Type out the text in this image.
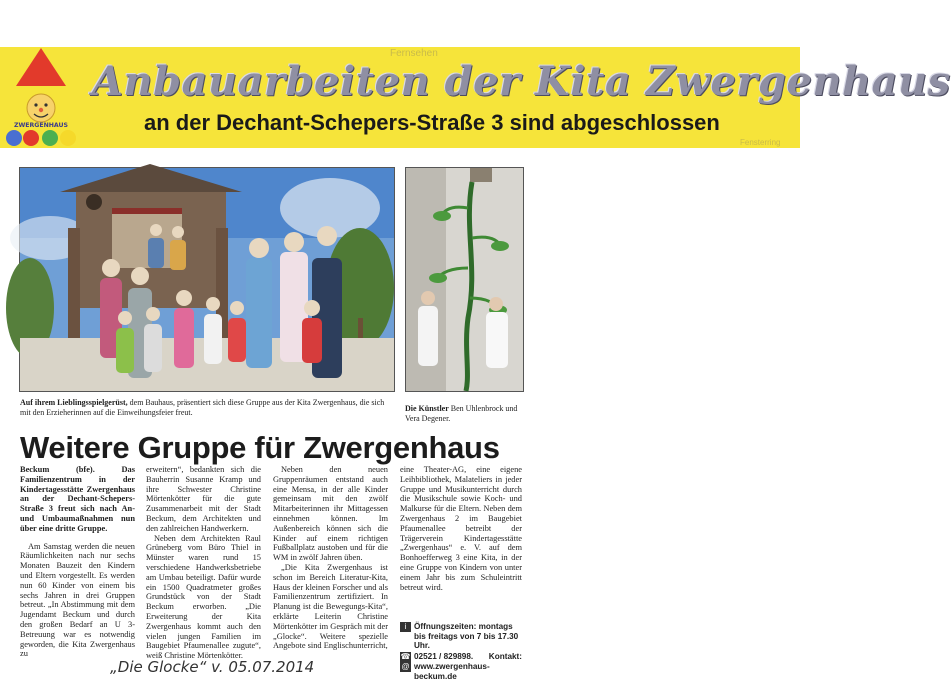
Fernsehen
Fensterring
Anbauarbeiten der Kita Zwergenhaus
an der Dechant-Schepers-Straße 3 sind abgeschlossen
ZWERGENHAUS
Auf ihrem Lieblingsspielgerüst, dem Bauhaus, präsentiert sich diese Gruppe aus der Kita Zwergenhaus, die sich mit den Erzieherinnen auf die Einweihungsfeier freut.	Die Künstler Ben Uhlenbrock und Vera Degener.
Weitere Gruppe für Zwergenhaus

Beckum (bfe). Das Familienzentrum in der Kindertagesstätte Zwergenhaus an der Dechant-Schepers-Straße 3 freut sich nach An- und Umbaumaßnahmen nun über eine dritte Gruppe.

Am Samstag werden die neuen Räumlichkeiten nach nur sechs Monaten Bauzeit den Kindern und Eltern vorgestellt. Es werden nun 60 Kinder von einem bis sechs Jahren in drei Gruppen betreut. „In Abstimmung mit dem Jugendamt Beckum und durch den großen Bedarf an U 3-Betreuung war es notwendig geworden, die Kita Zwergenhaus zu

erweitern“, bedankten sich die Bauherrin Susanne Kramp und ihre Schwester Christine Mörtenkötter für die gute Zusammenarbeit mit der Stadt Beckum, dem Architekten und den zahlreichen Handwerkern.

Neben dem Architekten Raul Grüneberg vom Büro Thiel in Münster waren rund 15 verschiedene Handwerksbetriebe am Umbau beteiligt. Dafür wurde ein 1500 Quadratmeter großes Grundstück von der Stadt Beckum erworben. „Die Erweiterung der Kita Zwergenhaus kommt auch den vielen jungen Familien im Baugebiet Pfaumenallee zugute“, weiß Christine Mörtenkötter.

Neben den neuen Gruppenräumen entstand auch eine Mensa, in der alle Kinder gemeinsam mit den zwölf Mitarbeiterinnen ihr Mittagessen einnehmen können. Im Außenbereich können sich die Kinder auf einem richtigen Fußballplatz austoben und für die WM in zwölf Jahren üben.

„Die Kita Zwergenhaus ist schon im Bereich Literatur-Kita, Haus der kleinen Forscher und als Familienzentrum zertifiziert. In Planung ist die Bewegungs-Kita“, erklärte Leiterin Christine Mörtenkötter im Gespräch mit der „Glocke“. Weitere spezielle Angebote sind Englischunterricht,

eine Theater-AG, eine eigene Leihbibliothek, Malateliers in jeder Gruppe und Musikunterricht durch die Musikschule sowie Koch- und Malkurse für die Eltern. Neben dem Zwergenhaus 2 im Baugebiet Pfaumenallee betreibt der Trägerverein Kindertagesstätte „Zwergenhaus“ e. V. auf dem Bonhoefferweg 3 eine Kita, in der eine Gruppe von Kindern von unter einem Jahr bis zum Schuleintritt betreut wird.

i Öffnungszeiten: montags bis freitags von 7 bis 17.30 Uhr.
☎ 02521 / 829898. Kontakt:
@ www.zwergenhaus-beckum.de
„Die Glocke“ v. 05.07.2014
